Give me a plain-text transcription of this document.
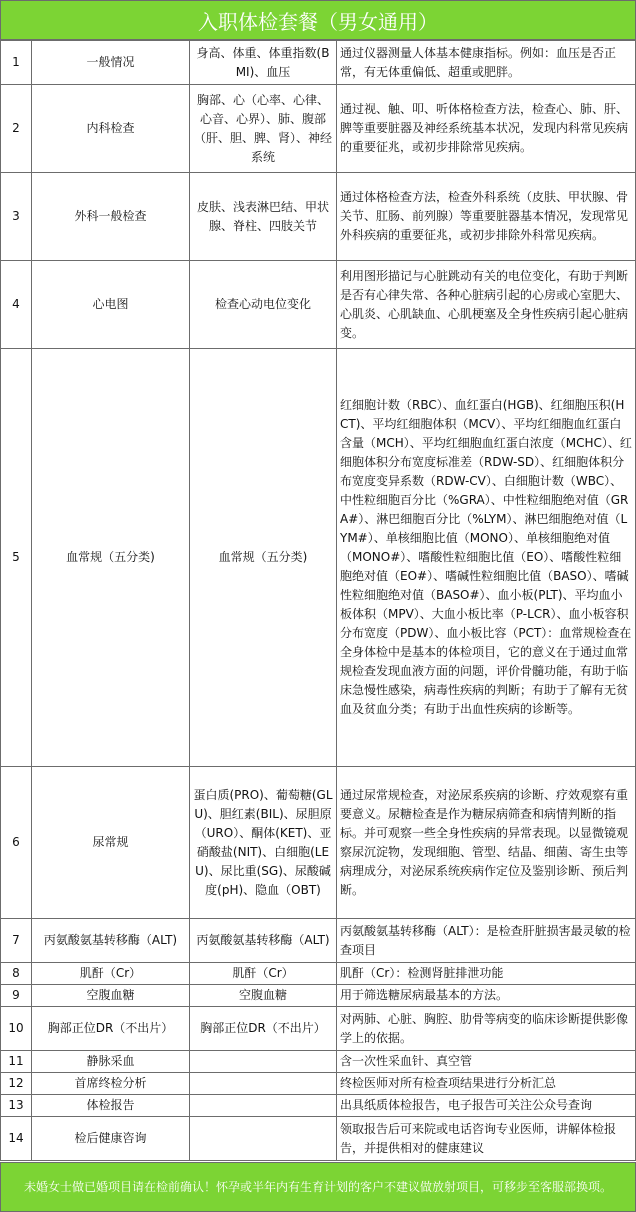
入职体检套餐（男女通用）
1	一般情况	身高、体重、体重指数(BMI)、血压	通过仪器测量人体基本健康指标。例如：血压是否正常，有无体重偏低、超重或肥胖。
2	内科检查	胸部、心（心率、心律、心音、心界）、肺、腹部（肝、胆、脾、肾）、神经系统	通过视、触、叩、听体格检查方法，检查心、肺、肝、脾等重要脏器及神经系统基本状况，发现内科常见疾病的重要征兆，或初步排除常见疾病。
3	外科一般检查	皮肤、浅表淋巴结、甲状腺、脊柱、四肢关节	通过体格检查方法，检查外科系统（皮肤、甲状腺、骨关节、肛肠、前列腺）等重要脏器基本情况，发现常见外科疾病的重要征兆，或初步排除外科常见疾病。
4	心电图	检查心动电位变化	利用图形描记与心脏跳动有关的电位变化，有助于判断是否有心律失常、各种心脏病引起的心房或心室肥大、心肌炎、心肌缺血、心肌梗塞及全身性疾病引起心脏病变。
5	血常规（五分类)	血常规（五分类)	红细胞计数（RBC）、血红蛋白(HGB)、红细胞压积(HCT)、平均红细胞体积（MCV）、平均红细胞血红蛋白含量（MCH）、平均红细胞血红蛋白浓度（MCHC）、红细胞体积分布宽度标准差（RDW-SD）、红细胞体积分布宽度变异系数（RDW-CV）、白细胞计数（WBC）、中性粒细胞百分比（%GRA）、中性粒细胞绝对值（GRA#）、淋巴细胞百分比（%LYM）、淋巴细胞绝对值（LYM#）、单核细胞比值（MONO）、单核细胞绝对值（MONO#）、嗜酸性粒细胞比值（EO）、嗜酸性粒细胞绝对值（EO#）、嗜碱性粒细胞比值（BASO）、嗜碱性粒细胞绝对值（BASO#）、血小板(PLT)、平均血小板体积（MPV）、大血小板比率（P-LCR）、血小板容积分布宽度（PDW）、血小板比容（PCT）：血常规检查在全身体检中是基本的体检项目，它的意义在于通过血常规检查发现血液方面的问题，评价骨髓功能，有助于临床急慢性感染，病毒性疾病的判断；有助于了解有无贫血及贫血分类；有助于出血性疾病的诊断等。
6	尿常规	蛋白质(PRO)、葡萄糖(GLU)、胆红素(BIL)、尿胆原（URO）、酮体(KET)、亚硝酸盐(NIT)、白细胞(LEU)、尿比重(SG)、尿酸碱度(pH)、隐血（OBT)	通过尿常规检查，对泌尿系疾病的诊断、疗效观察有重要意义。尿糖检查是作为糖尿病筛查和病情判断的指标。并可观察一些全身性疾病的异常表现。以显微镜观察尿沉淀物，发现细胞、管型、结晶、细菌、寄生虫等病理成分，对泌尿系统疾病作定位及鉴别诊断、预后判断。
7	丙氨酸氨基转移酶（ALT)	丙氨酸氨基转移酶（ALT)	丙氨酸氨基转移酶（ALT）：是检查肝脏损害最灵敏的检查项目
8	肌酐（Cr）	肌酐（Cr）	肌酐（Cr）：检测肾脏排泄功能
9	空腹血糖	空腹血糖	用于筛选糖尿病最基本的方法。
10	胸部正位DR（不出片）	胸部正位DR（不出片）	对两肺、心脏、胸腔、肋骨等病变的临床诊断提供影像学上的依据。
11	静脉采血		含一次性采血针、真空管
12	首席终检分析		终检医师对所有检查项结果进行分析汇总
13	体检报告		出具纸质体检报告，电子报告可关注公众号查询
14	检后健康咨询		领取报告后可来院或电话咨询专业医师，讲解体检报告，并提供相对的健康建议
未婚女士做已婚项目请在检前确认！怀孕或半年内有生育计划的客户不建议做放射项目，可移步至客服部换项。
